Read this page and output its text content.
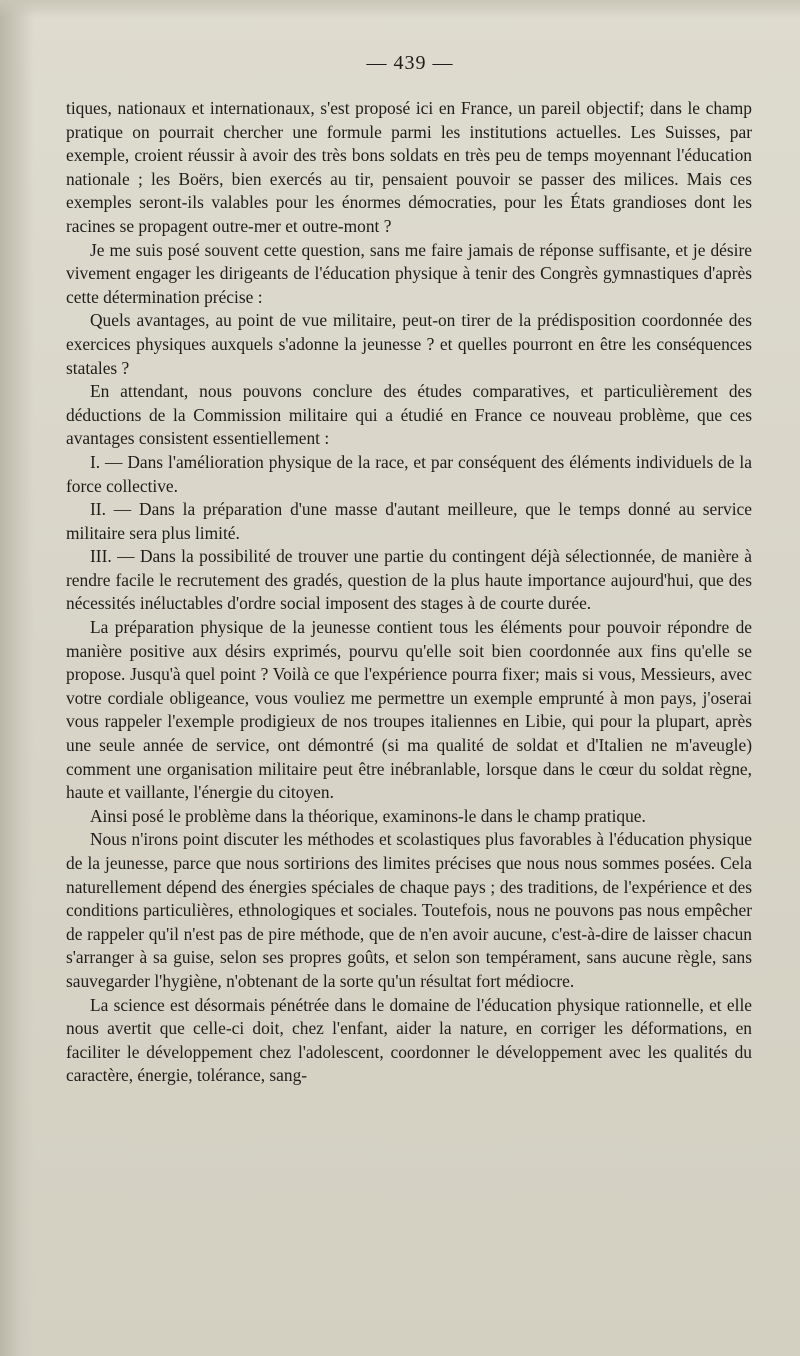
— 439 —

tiques, nationaux et internationaux, s'est proposé ici en France, un pareil objectif; dans le champ pratique on pourrait chercher une formule parmi les institutions actuelles. Les Suisses, par exemple, croient réussir à avoir des très bons soldats en très peu de temps moyennant l'éducation nationale ; les Boërs, bien exercés au tir, pensaient pouvoir se passer des milices. Mais ces exemples seront-ils valables pour les énormes démocraties, pour les États grandioses dont les racines se propagent outre-mer et outre-mont ?

Je me suis posé souvent cette question, sans me faire jamais de réponse suffisante, et je désire vivement engager les dirigeants de l'éducation physique à tenir des Congrès gymnastiques d'après cette détermination précise :

Quels avantages, au point de vue militaire, peut-on tirer de la prédisposition coordonnée des exercices physiques auxquels s'adonne la jeunesse ? et quelles pourront en être les conséquences statales ?

En attendant, nous pouvons conclure des études comparatives, et particulièrement des déductions de la Commission militaire qui a étudié en France ce nouveau problème, que ces avantages consistent essentiellement :

I. — Dans l'amélioration physique de la race, et par conséquent des éléments individuels de la force collective.

II. — Dans la préparation d'une masse d'autant meilleure, que le temps donné au service militaire sera plus limité.

III. — Dans la possibilité de trouver une partie du contingent déjà sélectionnée, de manière à rendre facile le recrutement des gradés, question de la plus haute importance aujourd'hui, que des nécessités inéluctables d'ordre social imposent des stages à de courte durée.

La préparation physique de la jeunesse contient tous les éléments pour pouvoir répondre de manière positive aux désirs exprimés, pourvu qu'elle soit bien coordonnée aux fins qu'elle se propose. Jusqu'à quel point ? Voilà ce que l'expérience pourra fixer; mais si vous, Messieurs, avec votre cordiale obligeance, vous vouliez me permettre un exemple emprunté à mon pays, j'oserai vous rappeler l'exemple prodigieux de nos troupes italiennes en Libie, qui pour la plupart, après une seule année de service, ont démontré (si ma qualité de soldat et d'Italien ne m'aveugle) comment une organisation militaire peut être inébranlable, lorsque dans le cœur du soldat règne, haute et vaillante, l'énergie du citoyen.

Ainsi posé le problème dans la théorique, examinons-le dans le champ pratique.

Nous n'irons point discuter les méthodes et scolastiques plus favorables à l'éducation physique de la jeunesse, parce que nous sortirions des limites précises que nous nous sommes posées. Cela naturellement dépend des énergies spéciales de chaque pays ; des traditions, de l'expérience et des conditions particulières, ethnologiques et sociales. Toutefois, nous ne pouvons pas nous empêcher de rappeler qu'il n'est pas de pire méthode, que de n'en avoir aucune, c'est-à-dire de laisser chacun s'arranger à sa guise, selon ses propres goûts, et selon son tempérament, sans aucune règle, sans sauvegarder l'hygiène, n'obtenant de la sorte qu'un résultat fort médiocre.

La science est désormais pénétrée dans le domaine de l'éducation physique rationnelle, et elle nous avertit que celle-ci doit, chez l'enfant, aider la nature, en corriger les déformations, en faciliter le développement chez l'adolescent, coordonner le développement avec les qualités du caractère, énergie, tolérance, sang-
